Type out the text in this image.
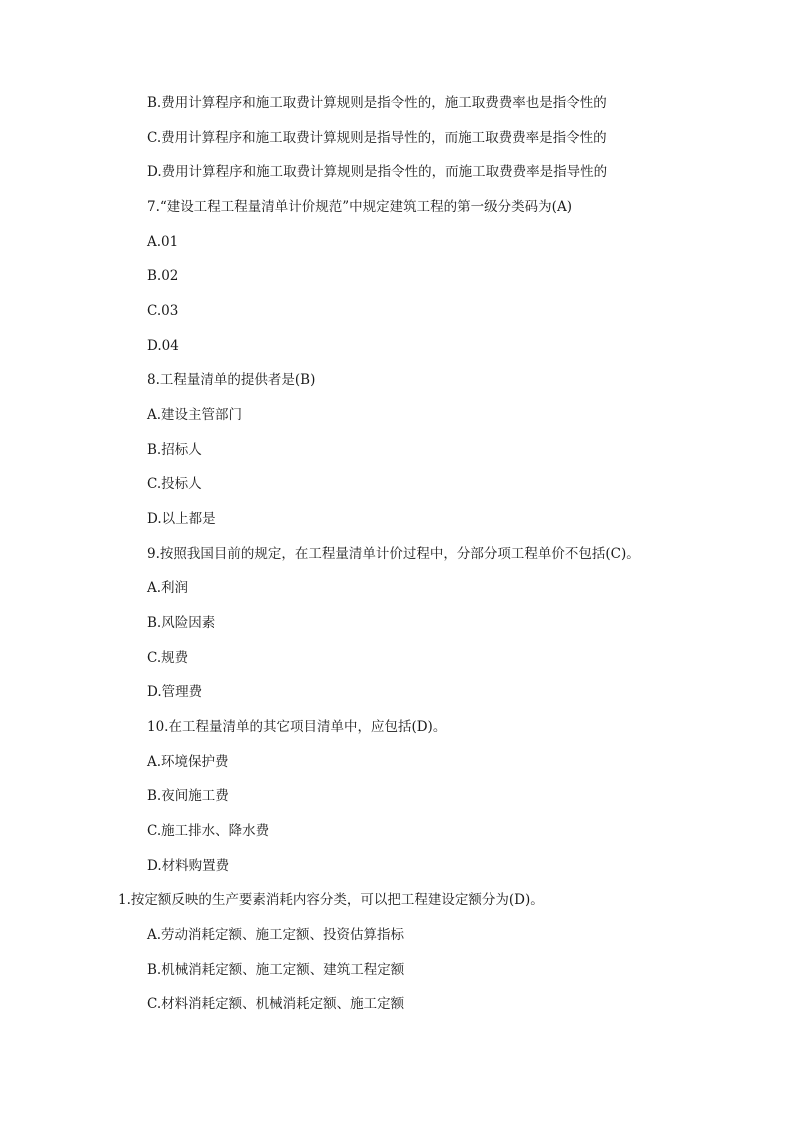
B.费用计算程序和施工取费计算规则是指令性的，施工取费费率也是指令性的
C.费用计算程序和施工取费计算规则是指导性的，而施工取费费率是指令性的
D.费用计算程序和施工取费计算规则是指令性的，而施工取费费率是指导性的
7.“建设工程工程量清单计价规范”中规定建筑工程的第一级分类码为(A)
A.01
B.02
C.03
D.04
8.工程量清单的提供者是(B)
A.建设主管部门
B.招标人
C.投标人
D.以上都是
9.按照我国目前的规定，在工程量清单计价过程中，分部分项工程单价不包括(C)。
A.利润
B.风险因素
C.规费
D.管理费
10.在工程量清单的其它项目清单中，应包括(D)。
A.环境保护费
B.夜间施工费
C.施工排水、降水费
D.材料购置费
1.按定额反映的生产要素消耗内容分类，可以把工程建设定额分为(D)。
A.劳动消耗定额、施工定额、投资估算指标
B.机械消耗定额、施工定额、建筑工程定额
C.材料消耗定额、机械消耗定额、施工定额
